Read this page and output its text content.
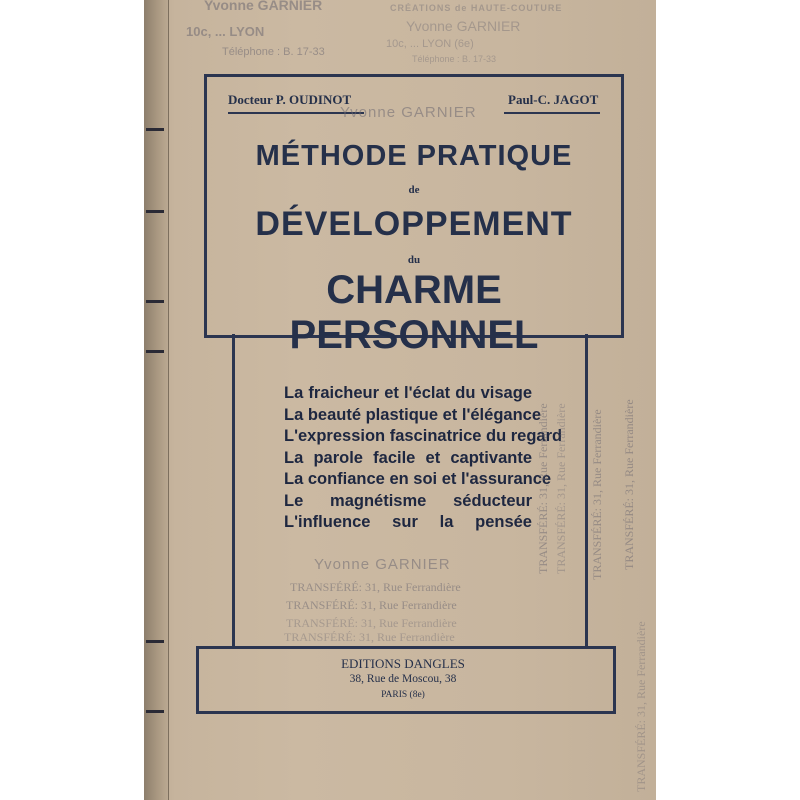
Yvonne GARNIER
10c, ... LYON
Téléphone : B. 17-33
CRÉATIONS de HAUTE-COUTURE
Yvonne GARNIER
10c, ... LYON (6e)
Téléphone : B. 17-33
Docteur P. OUDINOT	Paul-C. JAGOT
Yvonne GARNIER
MÉTHODE PRATIQUE
de
DÉVELOPPEMENT
du
CHARME PERSONNEL
La fraicheur et l'éclat du visage
La beauté plastique et l'élégance
L'expression fascinatrice du regard
La parole facile et captivante
La confiance en soi et l'assurance
Le magnétisme séducteur
L'influence sur la pensée
Yvonne GARNIER
TRANSFÉRÉ: 31, Rue Ferrandière
TRANSFÉRÉ: 31, Rue Ferrandière
TRANSFÉRÉ: 31, Rue Ferrandière
TRANSFÉRÉ: 31, Rue Ferrandière
TRANSFÉRÉ: 31, Rue Ferrandière TRANSFÉRÉ: 31, Rue Ferrandière TRANSFÉRÉ: 31, Rue Ferrandière TRANSFÉRÉ: 31, Rue Ferrandière
TRANSFÉRÉ: 31, Rue Ferrandière
EDITIONS DANGLES
38, Rue de Moscou, 38
PARIS (8e)
